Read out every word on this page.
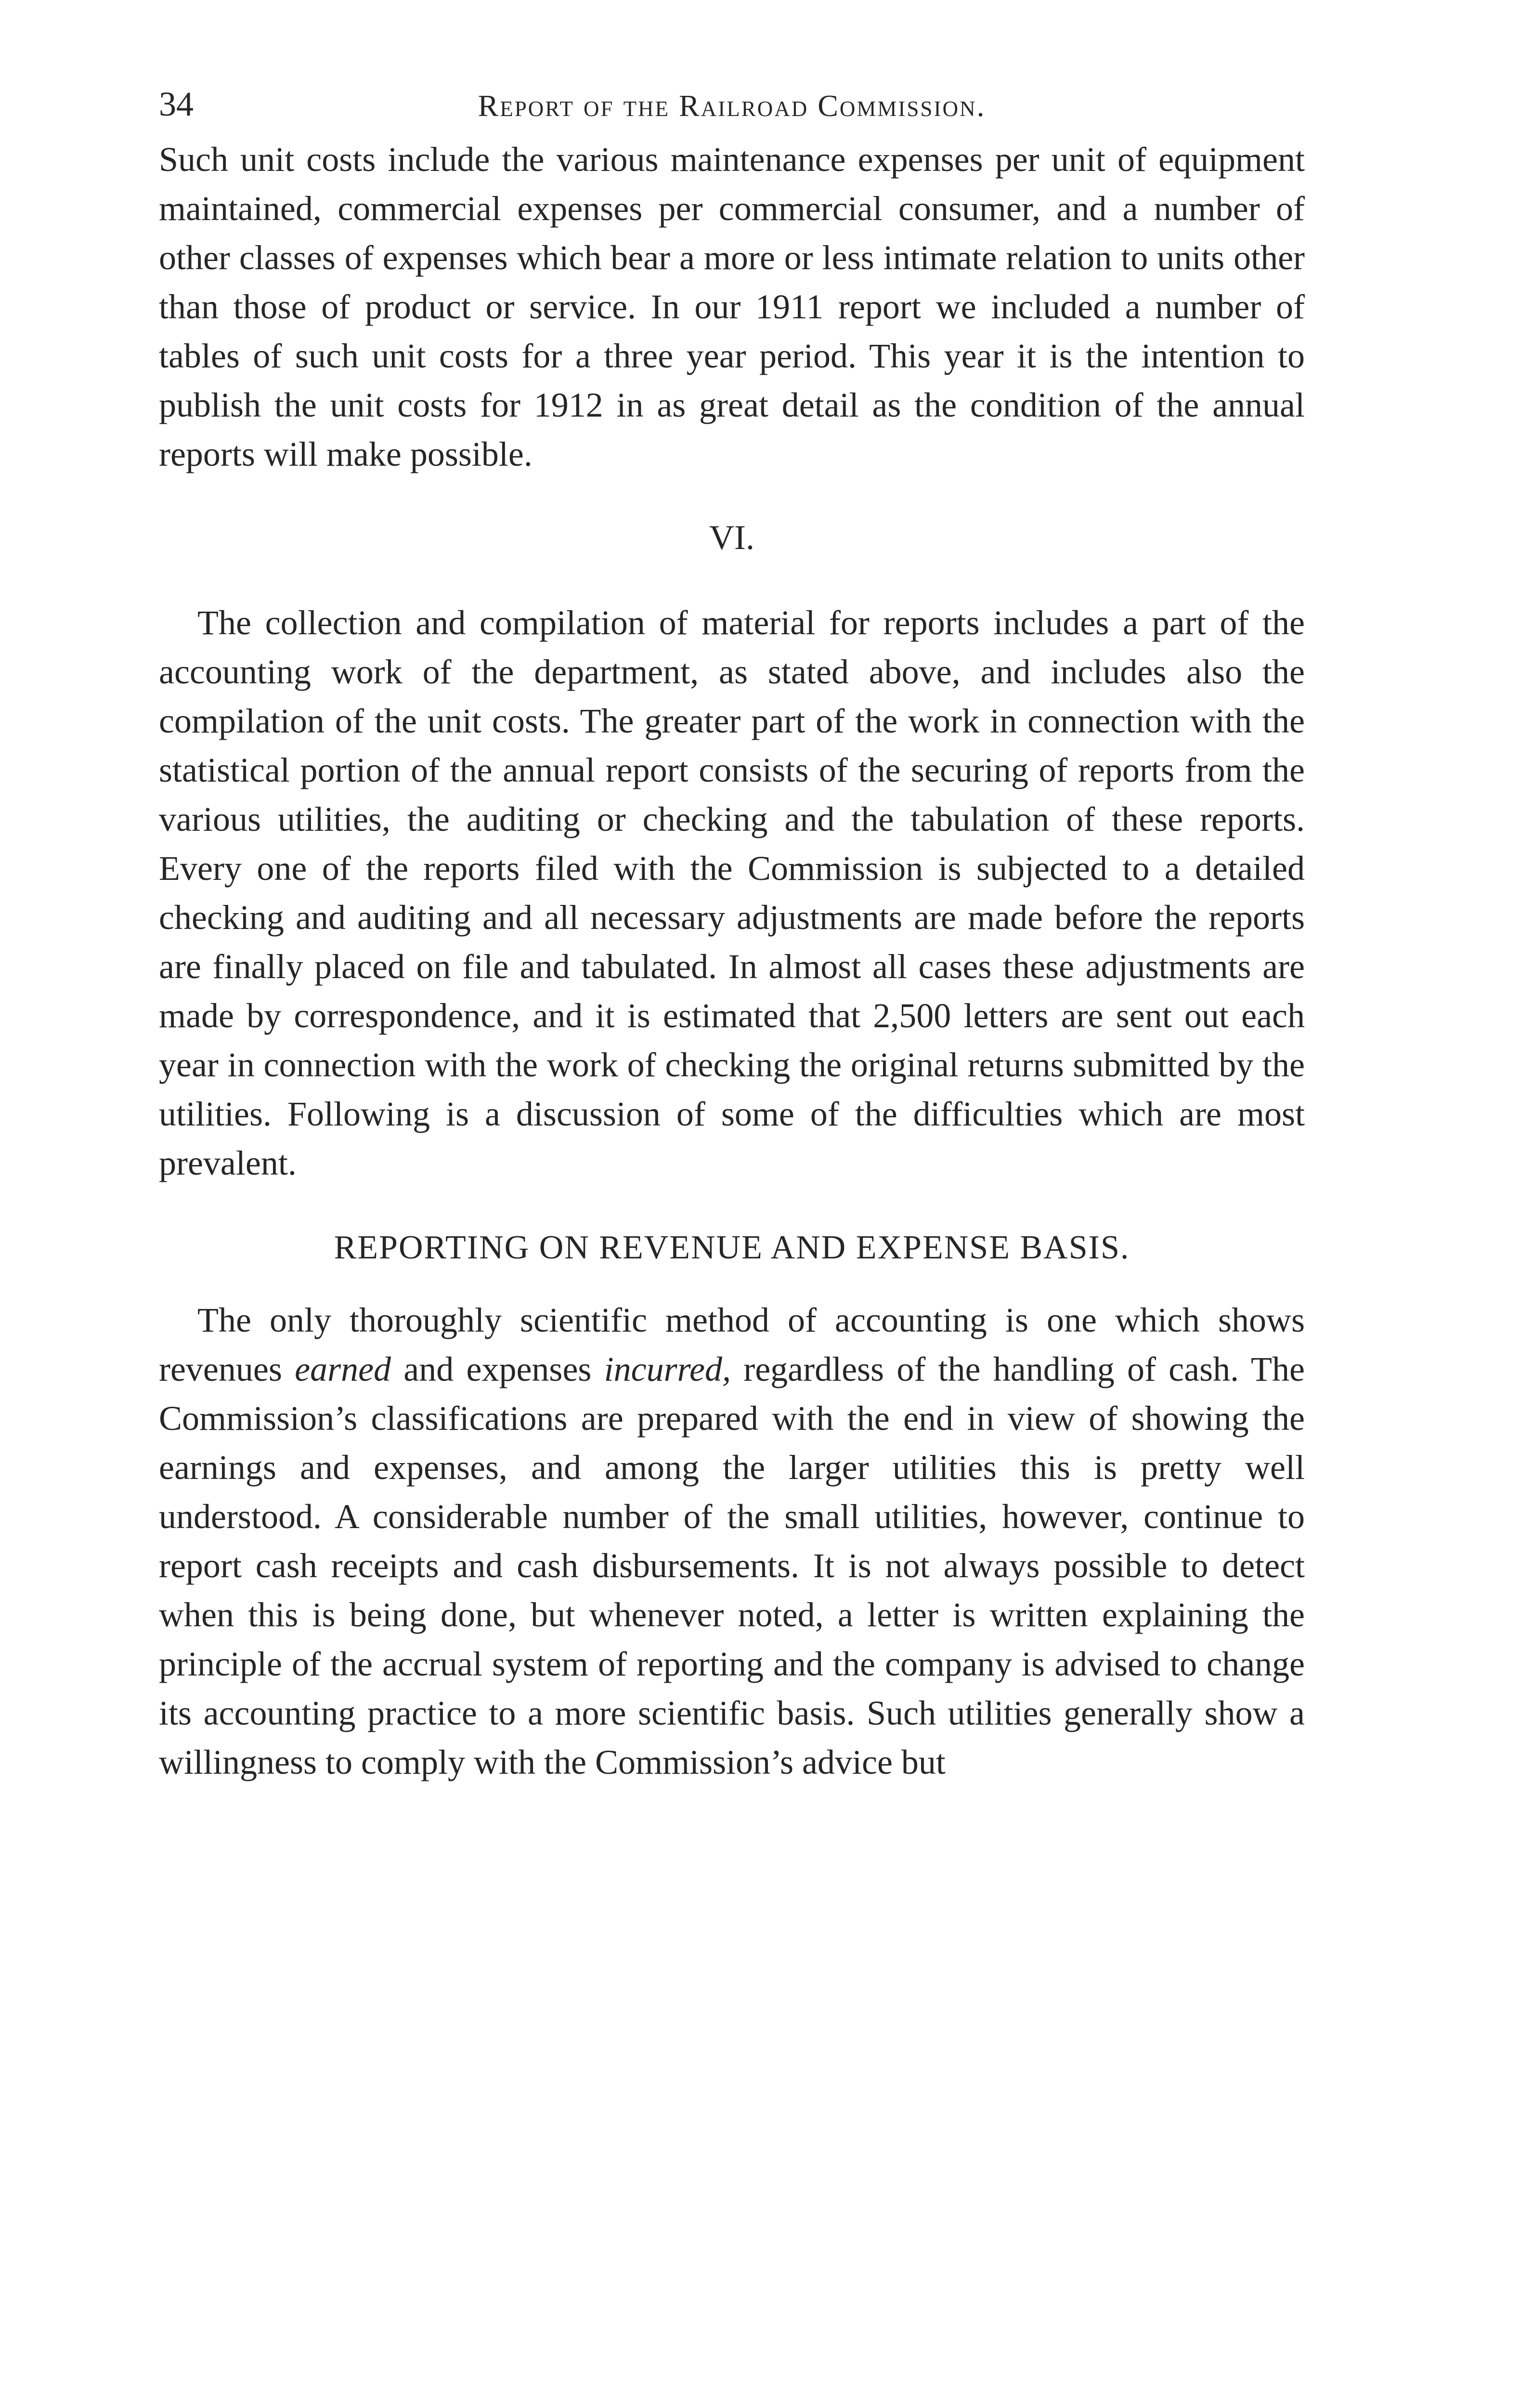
34	Report of the Railroad Commission.

Such unit costs include the various maintenance expenses per unit of equipment maintained, commercial expenses per commercial consumer, and a number of other classes of expenses which bear a more or less intimate relation to units other than those of product or service. In our 1911 report we included a number of tables of such unit costs for a three year period. This year it is the intention to publish the unit costs for 1912 in as great detail as the condition of the annual reports will make possible.

VI.

The collection and compilation of material for reports includes a part of the accounting work of the department, as stated above, and includes also the compilation of the unit costs. The greater part of the work in connection with the statistical portion of the annual report consists of the securing of reports from the various utilities, the auditing or checking and the tabulation of these reports. Every one of the reports filed with the Commission is subjected to a detailed checking and auditing and all necessary adjustments are made before the reports are finally placed on file and tabulated. In almost all cases these adjustments are made by correspondence, and it is estimated that 2,500 letters are sent out each year in connection with the work of checking the original returns submitted by the utilities. Following is a discussion of some of the difficulties which are most prevalent.

REPORTING ON REVENUE AND EXPENSE BASIS.

The only thoroughly scientific method of accounting is one which shows revenues earned and expenses incurred, regardless of the handling of cash. The Commission’s classifications are prepared with the end in view of showing the earnings and expenses, and among the larger utilities this is pretty well understood. A considerable number of the small utilities, however, continue to report cash receipts and cash disbursements. It is not always possible to detect when this is being done, but whenever noted, a letter is written explaining the principle of the accrual system of reporting and the company is advised to change its accounting practice to a more scientific basis. Such utilities generally show a willingness to comply with the Commission’s advice but
